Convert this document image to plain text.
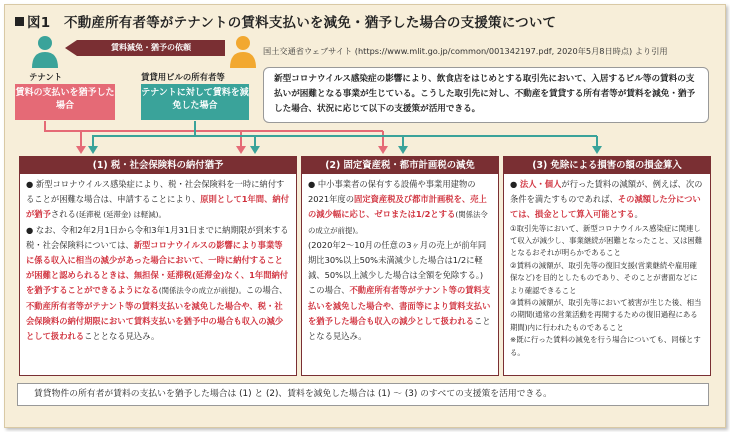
図1　不動産所有者等がテナントの賃料支払いを減免・猶予した場合の支援策について
賃料減免・猶予の依頼
テナント	賃貸用ビルの所有者等
賃料の支払いを猶予した場合
テナントに対して賃料を減免した場合
国土交通省ウェブサイト (https://www.mlit.go.jp/common/001342197.pdf, 2020年5月8日時点) より引用
新型コロナウイルス感染症の影響により、飲食店をはじめとする取引先において、入居するビル等の賃料の支払いが困難となる事業が生じている。こうした取引先に対し、不動産を賃貸する所有者等が賃料を減免・猶予した場合、状況に応じて以下の支援策が活用できる。
(1) 税・社会保険料の納付猶予

● 新型コロナウイルス感染症により、税・社会保険料を一時に納付することが困難な場合は、申請することにより、原則として1年間、納付が猶予される(延滞税 (延滞金) は軽減)。

● なお、令和2年2月1日から令和3年1月31日までに納期限が到来する税・社会保険料については、新型コロナウイルスの影響により事業等に係る収入に相当の減少があった場合において、一時に納付することが困難と認められるときは、無担保・延滞税(延滞金)なく、1年間納付を猶予することができるようになる(関係法令の成立が前提)。この場合、不動産所有者等がテナント等の賃料支払いを減免した場合や、税・社会保険料の納付期限において賃料支払いを猶予中の場合も収入の減少として扱われることとなる見込み。

(2) 固定資産税・都市計画税の減免

● 中小事業者の保有する設備や事業用建物の2021年度の固定資産税及び都市計画税を、売上の減少幅に応じ、ゼロまたは1/2とする(関係法令の成立が前提)。

(2020年2〜10月の任意の3ヶ月の売上が前年同期比30%以上50%未満減少した場合は1/2に軽減、50%以上減少した場合は全額を免除する。)

この場合、不動産所有者等がテナント等の賃料支払いを減免した場合や、書面等により賃料支払いを猶予した場合も収入の減少として扱われることとなる見込み。

(3) 免除による損害の額の損金算入

● 法人・個人が行った賃料の減額が、例えば、次の条件を満たすものであれば、その減額した分については、損金として算入可能とする。

①取引先等において、新型コロナウイルス感染症に関連して収入が減少し、事業継続が困難となったこと、又は困難となるおそれが明らかであること

②賃料の減額が、取引先等の復旧支援(営業継続や雇用確保など)を目的としたものであり、そのことが書面などにより確認できること

③賃料の減額が、取引先等において被害が生じた後、相当の期間(通常の営業活動を再開するための復旧過程にある期間)内に行われたものであること

※既に行った賃料の減免を行う場合についても、同様とする。

賃貸物件の所有者が賃料の支払いを猶予した場合は (1) と (2)、賃料を減免した場合は (1) 〜 (3) のすべての支援策を活用できる。
